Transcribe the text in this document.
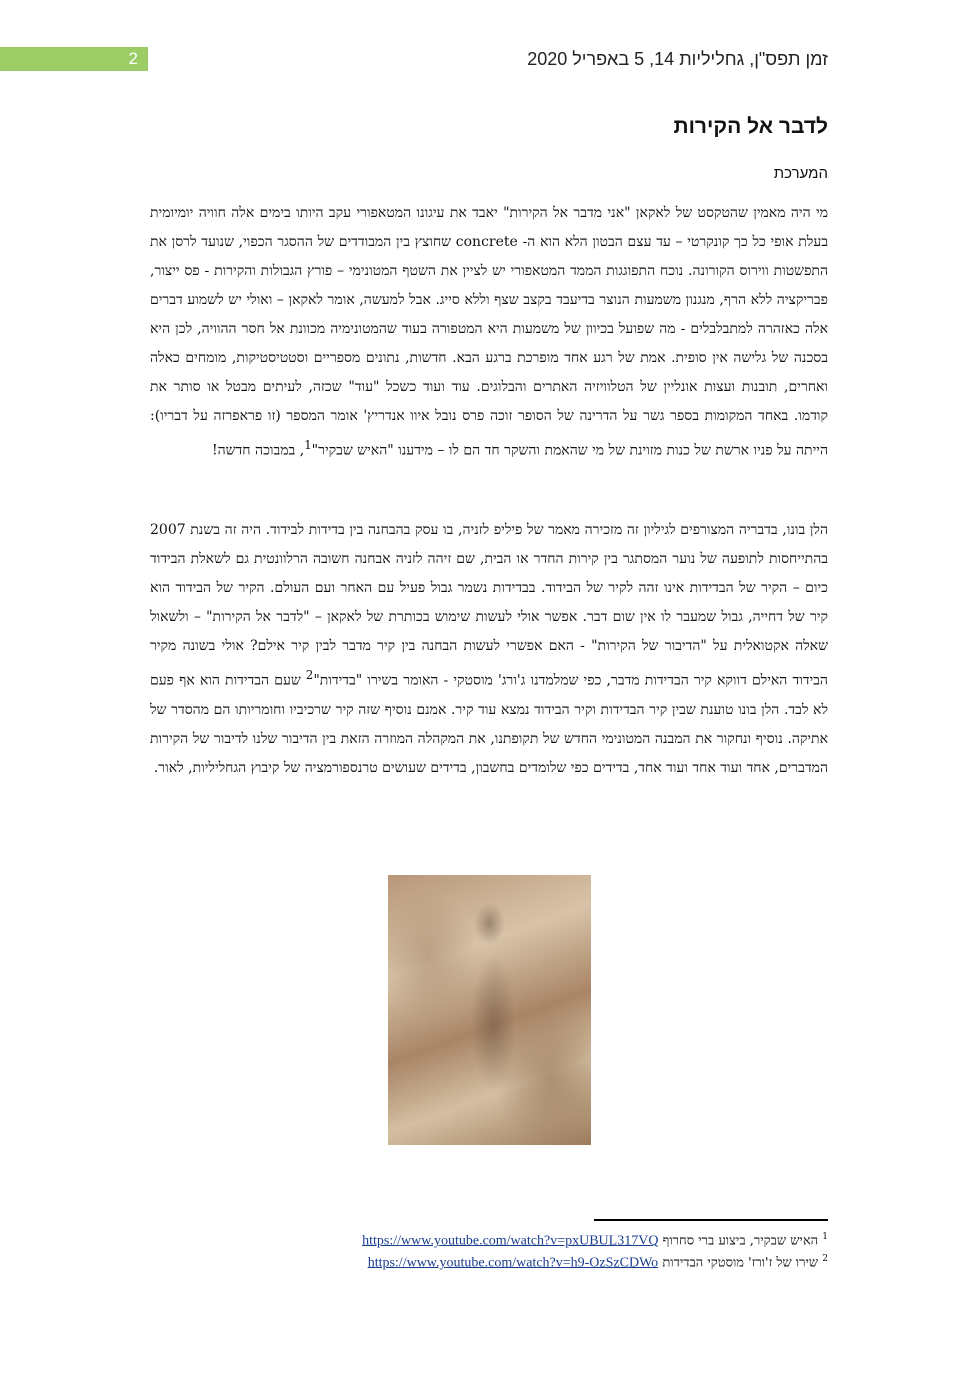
2	זמן תפס"ן, גחליליות 14, 5 באפריל 2020
לדבר אל הקירות
המערכת

מי היה מאמין שהטקסט של לאקאן "אני מדבר אל הקירות" יאבד את עיגונו המטאפורי עקב היותו בימים אלה חוויה יומיומית בעלת אופי כל כך קונקרטי – עד עצם הבטון הלא הוא ה- concrete שחוצץ בין המבודדים של ההסגר הכפוי, שנועד לרסן את התפשטות ווירוס הקורונה. נוכח התפוגגות הממד המטאפורי יש לציין את השטף המטונימי – פורץ הגבולות והקירות - פס ייצור, פבריקציה ללא הרף, מנגנון משמעות הנוצר בדיעבד בקצב שצף וללא סייג. אבל למעשה, אומר לאקאן – ואולי יש לשמוע דברים אלה כאזהרה למתבלבלים - מה שפועל בכיוון של משמעות היא המטפורה בעוד שהמטונימיה מכוונת אל חסר ההוויה, לכן היא בסכנה של גלישה אין סופית. אמת של רגע אחד מופרכת ברגע הבא. חדשות, נתונים מספריים וסטטיסטיקות, מומחים כאלה ואחרים, תובנות ועצות אונליין של הטלוויזיה האתרים והבלוגים. עוד ועוד כשכל "עוד" שכזה, לעיתים מבטל או סותר את קודמו. באחד המקומות בספר גשר על הדרינה של הסופר זוכה פרס נובל איוו אנדריץ' אומר המספר (זו פראפרזה על דבריו): הייתה על פניו ארשת של כנות מזוינת של מי שהאמת והשקר חד הם לו – מידענו "האיש שבקיר"$^1$, במבוכה חדשה!

הלן בונו, בדבריה המצורפים לגיליון זה מזכירה מאמר של פיליפ לזניה, בו עסק בהבחנה בין בדידות לבידוד. היה זה בשנת 2007 בהתייחסות לתופעה של נוער המסתגר בין קירות החדר או הבית, שם זיהה לזניה אבחנה חשובה הרלוונטית גם לשאלת הבידוד כיום – הקיר של הבדידות אינו זהה לקיר של הבידוד. בבדידות נשמר גבול פעיל עם האחר ועם העולם. הקיר של הבידוד הוא קיר של דחייה, גבול שמעבר לו אין שום דבר. אפשר אולי לעשות שימוש בכותרת של לאקאן – "לדבר אל הקירות" – ולשאול שאלה אקטואלית על "הדיבור של הקירות" - האם אפשרי לעשות הבחנה בין קיר מדבר לבין קיר אילם? אולי בשונה מקיר הבידוד האילם דווקא קיר הבדידות מדבר, כפי שמלמדנו ג'ורג' מוסטקי - האומר בשירו "בדידות"$^2$ שעם הבדידות הוא אף פעם לא לבד. הלן בונו טוענת שבין קיר הבדידות וקיר הבידוד נמצא עוד קיר. אמנם נוסיף שזה קיר שרכיביו וחומריותו הם מהסדר של אתיקה. נוסיף ונחקור את המבנה המטונימי החדש של תקופתנו, את המקהלה המוזרה הזאת בין הדיבור שלנו לדיבור של הקירות המדברים, אחד ועוד אחד ועוד אחד, בדידים כפי שלומדים בחשבון, בדידים שעושים טרנספורמציה של קיבוץ הגחליליות, לאור.

$^1$ האיש שבקיר, ביצוע ברי סחרוף https://www.youtube.com/watch?v=pxUBUL317VQ
$^2$ שירו של ז'ורז' מוסטקי הבדידות https://www.youtube.com/watch?v=h9-OzSzCDWo
